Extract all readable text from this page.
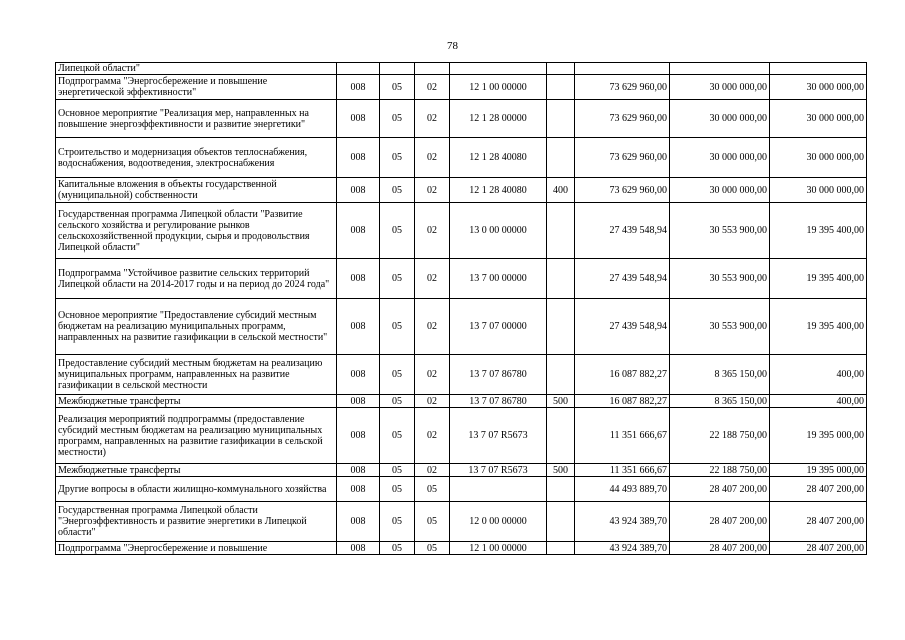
78
Липецкой области"								
Подпрограмма "Энергосбережение и повышение энергетической эффективности"	008	05	02	12 1 00 00000		73 629 960,00	30 000 000,00	30 000 000,00
Основное мероприятие "Реализация мер, направленных на повышение энергоэффективности и развитие энергетики"	008	05	02	12 1 28 00000		73 629 960,00	30 000 000,00	30 000 000,00
Строительство и модернизация объектов теплоснабжения, водоснабжения, водоотведения, электроснабжения	008	05	02	12 1 28 40080		73 629 960,00	30 000 000,00	30 000 000,00
Капитальные вложения в объекты государственной (муниципальной) собственности	008	05	02	12 1 28 40080	400	73 629 960,00	30 000 000,00	30 000 000,00
Государственная программа Липецкой области "Развитие сельского хозяйства и регулирование рынков сельскохозяйственной продукции, сырья и продовольствия Липецкой области"	008	05	02	13 0 00 00000		27 439 548,94	30 553 900,00	19 395 400,00
Подпрограмма "Устойчивое развитие сельских территорий Липецкой области на 2014-2017 годы и на период до 2024 года"	008	05	02	13 7 00 00000		27 439 548,94	30 553 900,00	19 395 400,00
Основное мероприятие "Предоставление субсидий местным бюджетам на реализацию муниципальных программ, направленных на развитие газификации в сельской местности"	008	05	02	13 7 07 00000		27 439 548,94	30 553 900,00	19 395 400,00
Предоставление субсидий местным бюджетам на реализацию муниципальных программ, направленных на развитие газификации в сельской местности	008	05	02	13 7 07 86780		16 087 882,27	8 365 150,00	400,00
Межбюджетные трансферты	008	05	02	13 7 07 86780	500	16 087 882,27	8 365 150,00	400,00
Реализация мероприятий подпрограммы (предоставление субсидий местным бюджетам на реализацию муниципальных программ, направленных на развитие газификации в сельской местности)	008	05	02	13 7 07 R5673		11 351 666,67	22 188 750,00	19 395 000,00
Межбюджетные трансферты	008	05	02	13 7 07 R5673	500	11 351 666,67	22 188 750,00	19 395 000,00
Другие вопросы в области жилищно-коммунального хозяйства	008	05	05			44 493 889,70	28 407 200,00	28 407 200,00
Государственная программа Липецкой области "Энергоэффективность и развитие энергетики в Липецкой области"	008	05	05	12 0 00 00000		43 924 389,70	28 407 200,00	28 407 200,00
Подпрограмма "Энергосбережение и повышение	008	05	05	12 1 00 00000		43 924 389,70	28 407 200,00	28 407 200,00
